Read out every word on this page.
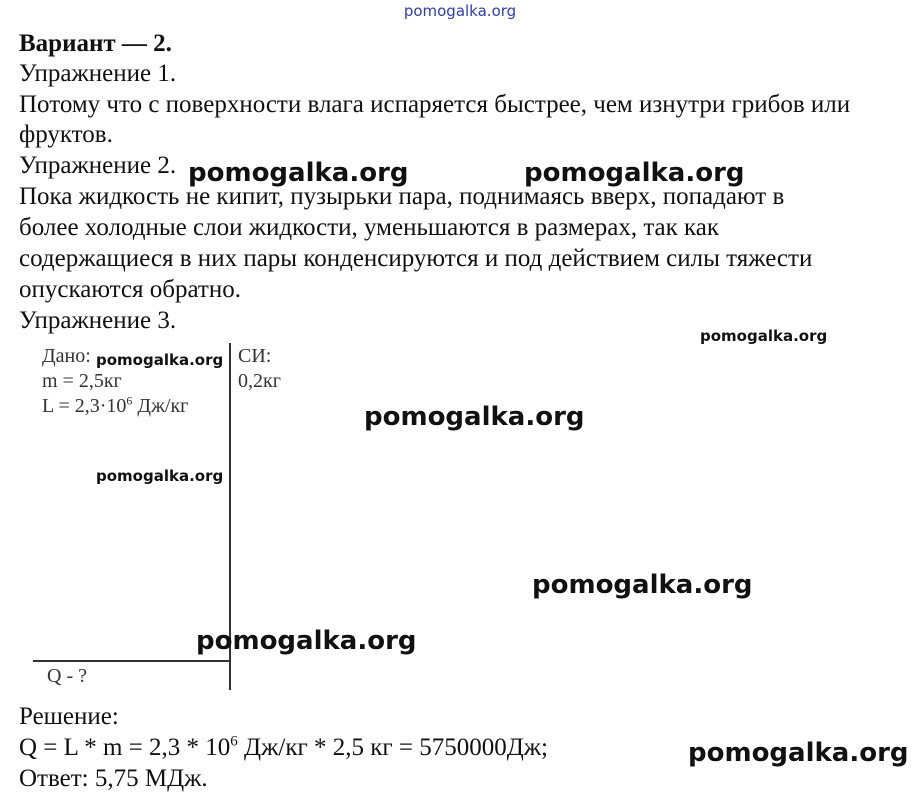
pomogalka.org
Вариант — 2.
Упражнение 1.
Потому что с поверхности влага испаряется быстрее, чем изнутри грибов или
фруктов.
Упражнение 2.
Пока жидкость не кипит, пузырьки пара, поднимаясь вверх, попадают в
более холодные слои жидкости, уменьшаются в размерах, так как
содержащиеся в них пары конденсируются и под действием силы тяжести
опускаются обратно.
Упражнение 3.
Дано:
m = 2,5кг
$L = 2,3\cdot 10^6$ Дж/кг
СИ:
0,2кг
Q - ?
Решение:
$Q = L * m = 2,3 * 10^6$ Дж/кг * 2,5 кг = 5750000Дж;
Ответ: 5,75 МДж.
pomogalka.org	pomogalka.org
pomogalka.org
pomogalka.org
pomogalka.org
pomogalka.org
pomogalka.org
pomogalka.org
pomogalka.org
